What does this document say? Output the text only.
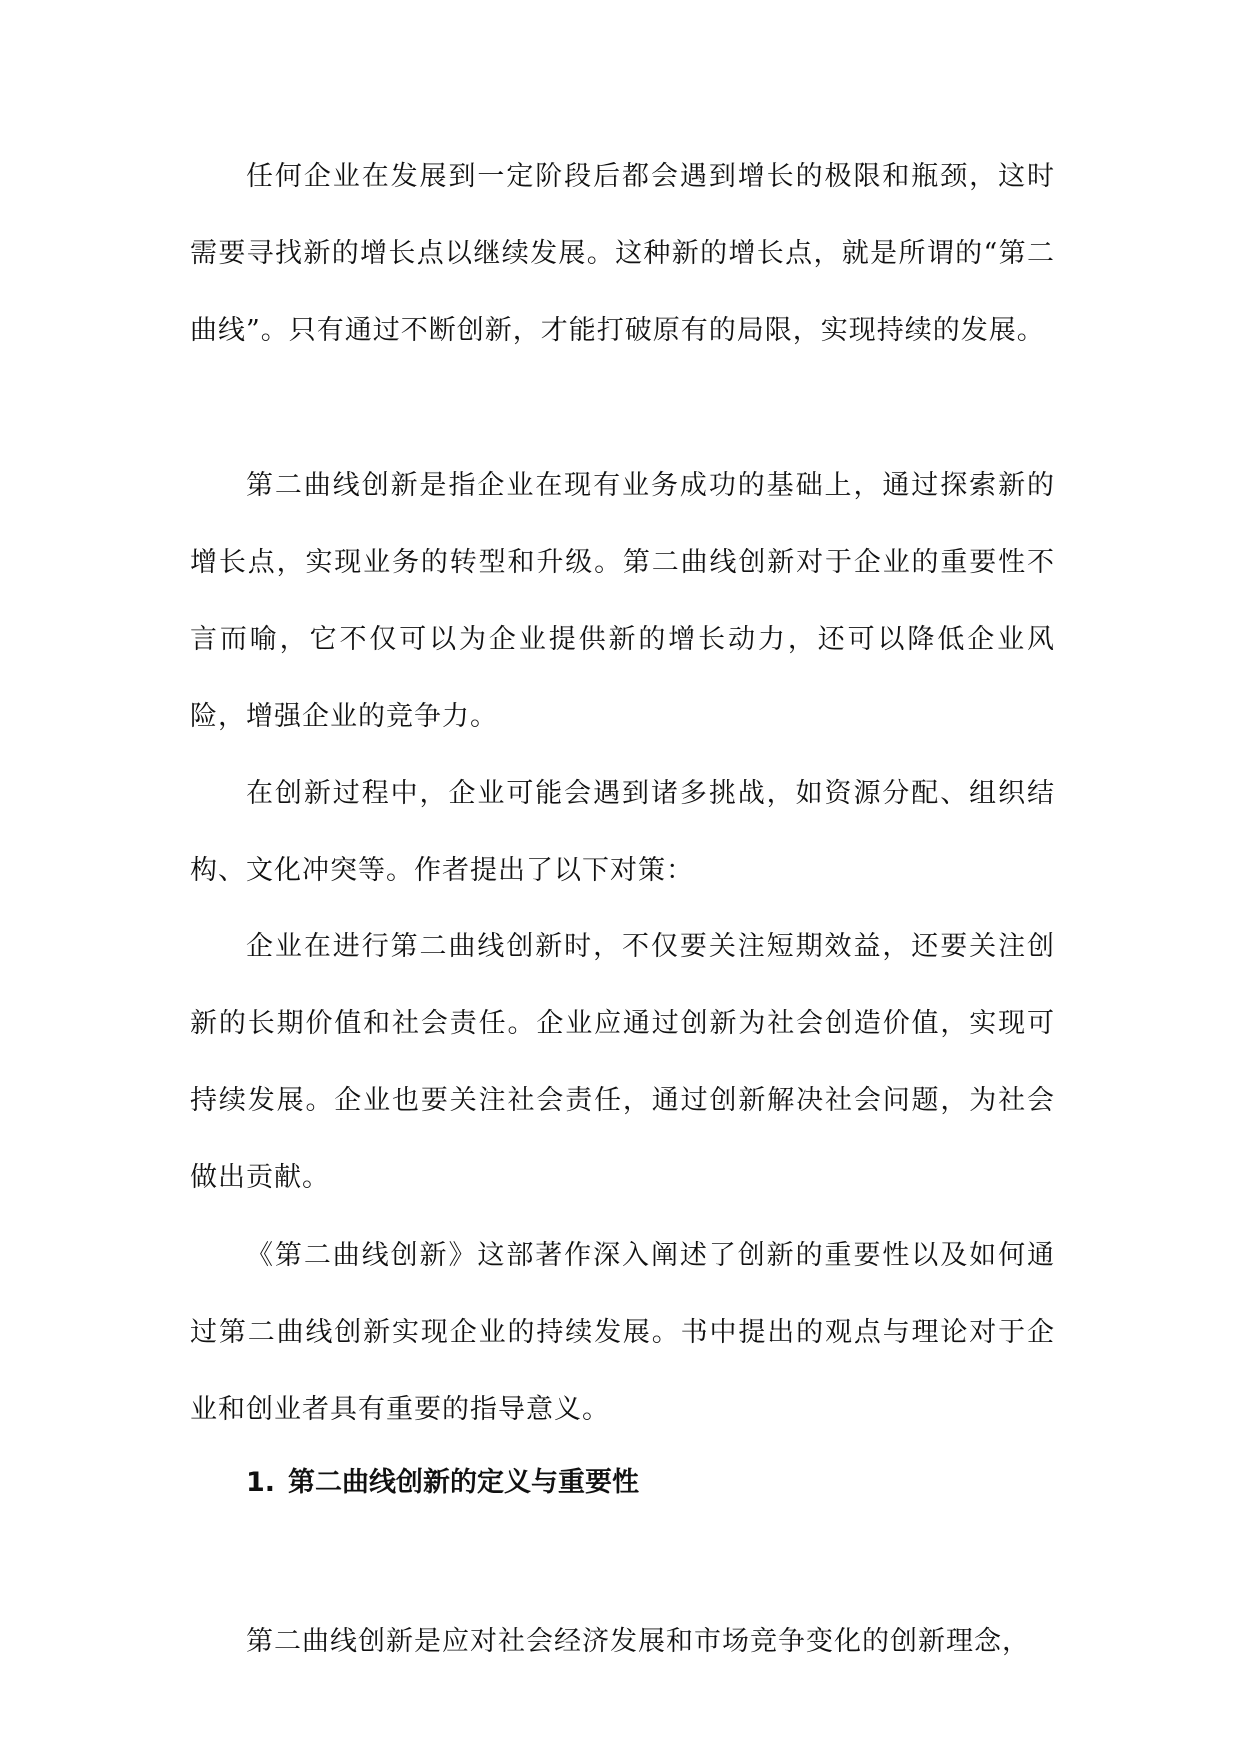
任何企业在发展到一定阶段后都会遇到增长的极限和瓶颈，这时需要寻找新的增长点以继续发展。这种新的增长点，就是所谓的“第二曲线”。只有通过不断创新，才能打破原有的局限，实现持续的发展。

第二曲线创新是指企业在现有业务成功的基础上，通过探索新的增长点，实现业务的转型和升级。第二曲线创新对于企业的重要性不言而喻，它不仅可以为企业提供新的增长动力，还可以降低企业风险，增强企业的竞争力。

在创新过程中，企业可能会遇到诸多挑战，如资源分配、组织结构、文化冲突等。作者提出了以下对策：

企业在进行第二曲线创新时，不仅要关注短期效益，还要关注创新的长期价值和社会责任。企业应通过创新为社会创造价值，实现可持续发展。企业也要关注社会责任，通过创新解决社会问题，为社会做出贡献。

《第二曲线创新》这部著作深入阐述了创新的重要性以及如何通过第二曲线创新实现企业的持续发展。书中提出的观点与理论对于企业和创业者具有重要的指导意义。

1. 第二曲线创新的定义与重要性

第二曲线创新是应对社会经济发展和市场竞争变化的创新理念，
